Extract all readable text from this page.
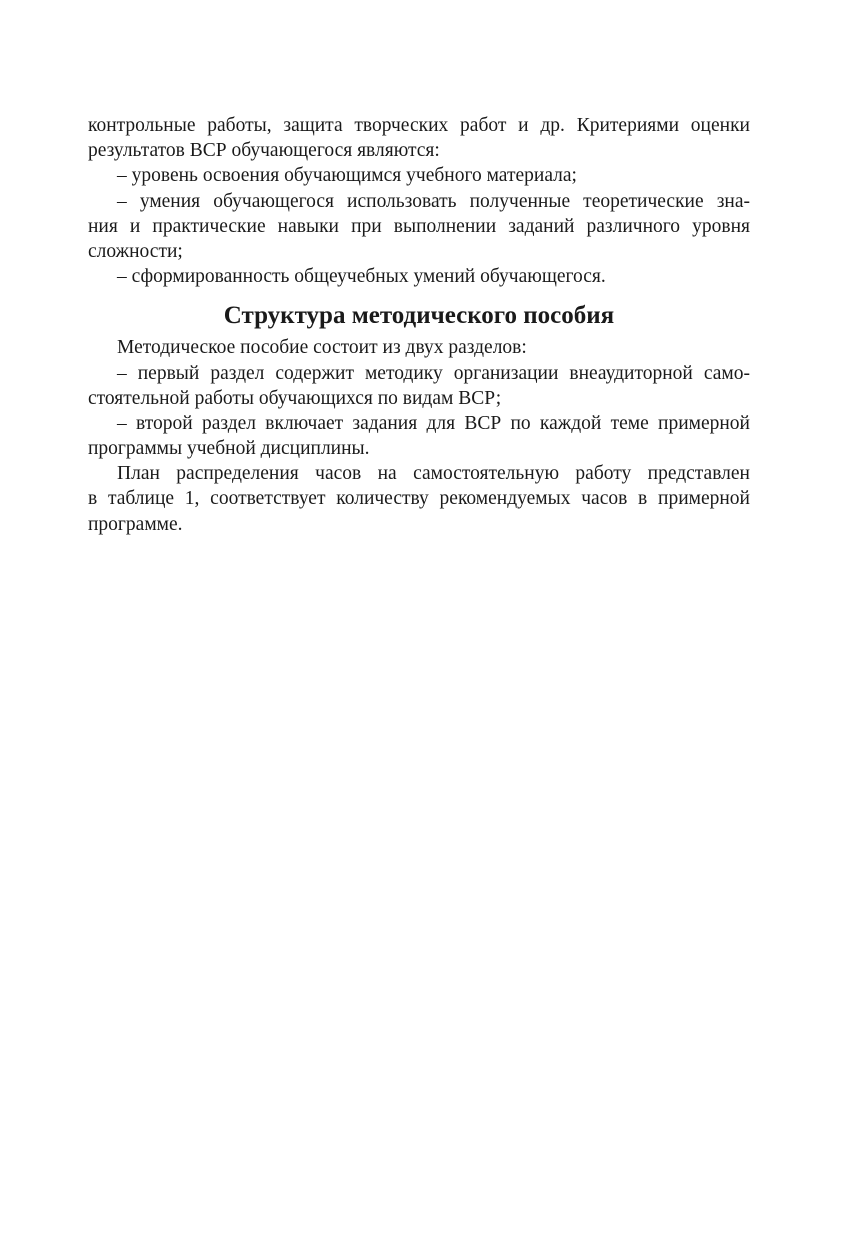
контрольные работы, защита творческих работ и др. Критериями оценки
результатов ВСР обучающегося являются:
– уровень освоения обучающимся учебного материала;
– умения обучающегося использовать полученные теоретические зна-
ния и практические навыки при выполнении заданий различного уровня
сложности;
– сформированность общеучебных умений обучающегося.
Структура методического пособия
Методическое пособие состоит из двух разделов:
– первый раздел содержит методику организации внеаудиторной само-
стоятельной работы обучающихся по видам ВСР;
– второй раздел включает задания для ВСР по каждой теме примерной
программы учебной дисциплины.
План распределения часов на самостоятельную работу представлен
в таблице 1, соответствует количеству рекомендуемых часов в примерной
программе.
